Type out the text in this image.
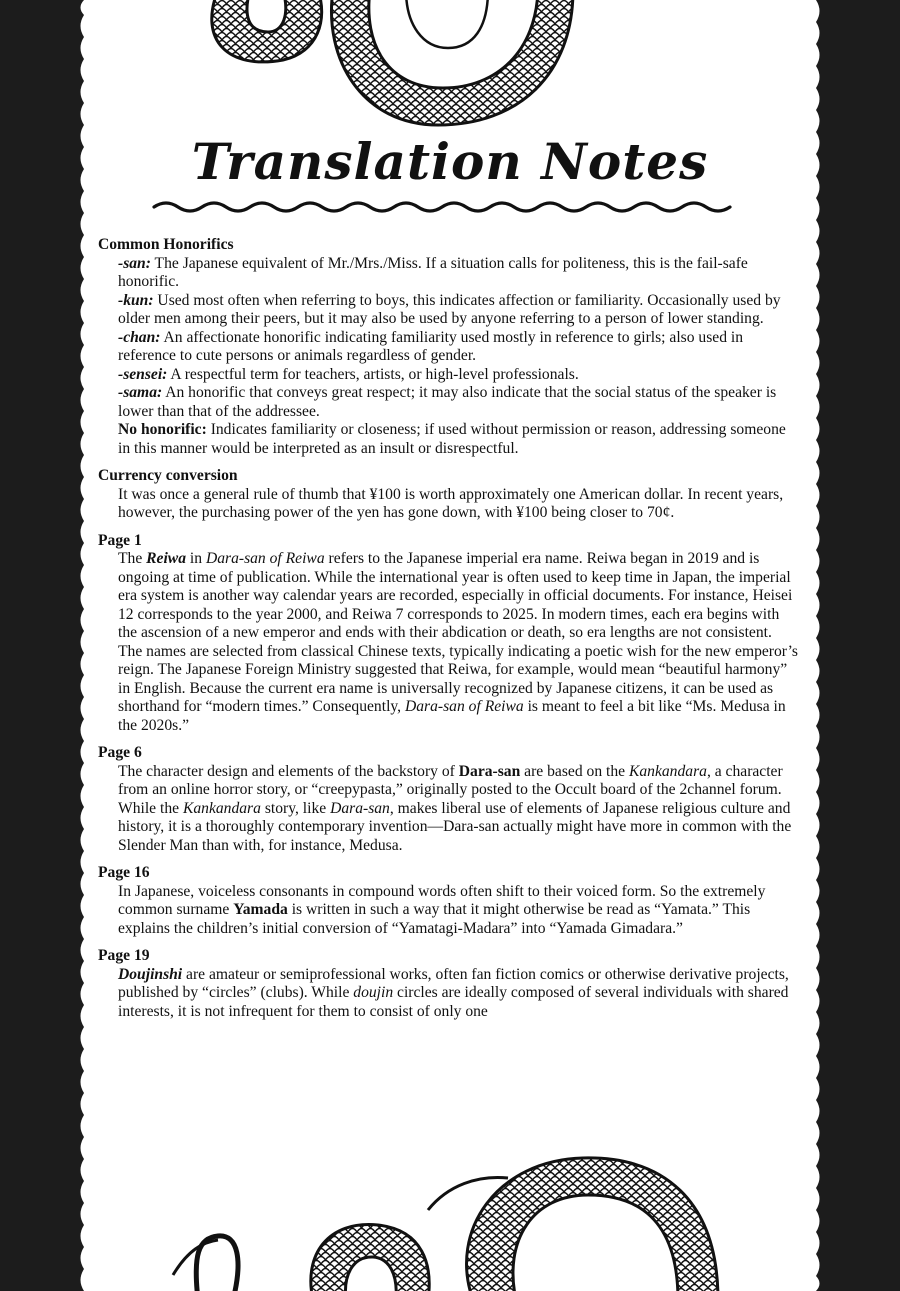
Translation Notes
Common Honorifics
-san: The Japanese equivalent of Mr./Mrs./Miss. If a situation calls for politeness, this is the fail-safe honorific.
-kun: Used most often when referring to boys, this indicates affection or familiarity. Occasionally used by older men among their peers, but it may also be used by anyone referring to a person of lower standing.
-chan: An affectionate honorific indicating familiarity used mostly in reference to girls; also used in reference to cute persons or animals regardless of gender.
-sensei: A respectful term for teachers, artists, or high-level professionals.
-sama: An honorific that conveys great respect; it may also indicate that the social status of the speaker is lower than that of the addressee.
No honorific: Indicates familiarity or closeness; if used without permission or reason, addressing someone in this manner would be interpreted as an insult or disrespectful.
Currency conversion
It was once a general rule of thumb that ¥100 is worth approximately one American dollar. In recent years, however, the purchasing power of the yen has gone down, with ¥100 being closer to 70¢.
Page 1
The Reiwa in Dara-san of Reiwa refers to the Japanese imperial era name. Reiwa began in 2019 and is ongoing at time of publication. While the international year is often used to keep time in Japan, the imperial era system is another way calendar years are recorded, especially in official documents. For instance, Heisei 12 corresponds to the year 2000, and Reiwa 7 corresponds to 2025. In modern times, each era begins with the ascension of a new emperor and ends with their abdication or death, so era lengths are not consistent. The names are selected from classical Chinese texts, typically indicating a poetic wish for the new emperor’s reign. The Japanese Foreign Ministry suggested that Reiwa, for example, would mean “beautiful harmony” in English. Because the current era name is universally recognized by Japanese citizens, it can be used as shorthand for “modern times.” Consequently, Dara-san of Reiwa is meant to feel a bit like “Ms. Medusa in the 2020s.”
Page 6
The character design and elements of the backstory of Dara-san are based on the Kankandara, a character from an online horror story, or “creepypasta,” originally posted to the Occult board of the 2channel forum. While the Kankandara story, like Dara-san, makes liberal use of elements of Japanese religious culture and history, it is a thoroughly contemporary invention—Dara-san actually might have more in common with the Slender Man than with, for instance, Medusa.
Page 16
In Japanese, voiceless consonants in compound words often shift to their voiced form. So the extremely common surname Yamada is written in such a way that it might otherwise be read as “Yamata.” This explains the children’s initial conversion of “Yamatagi-Madara” into “Yamada Gimadara.”
Page 19
Doujinshi are amateur or semiprofessional works, often fan fiction comics or otherwise derivative projects, published by “circles” (clubs). While doujin circles are ideally composed of several individuals with shared interests, it is not infrequent for them to consist of only one
